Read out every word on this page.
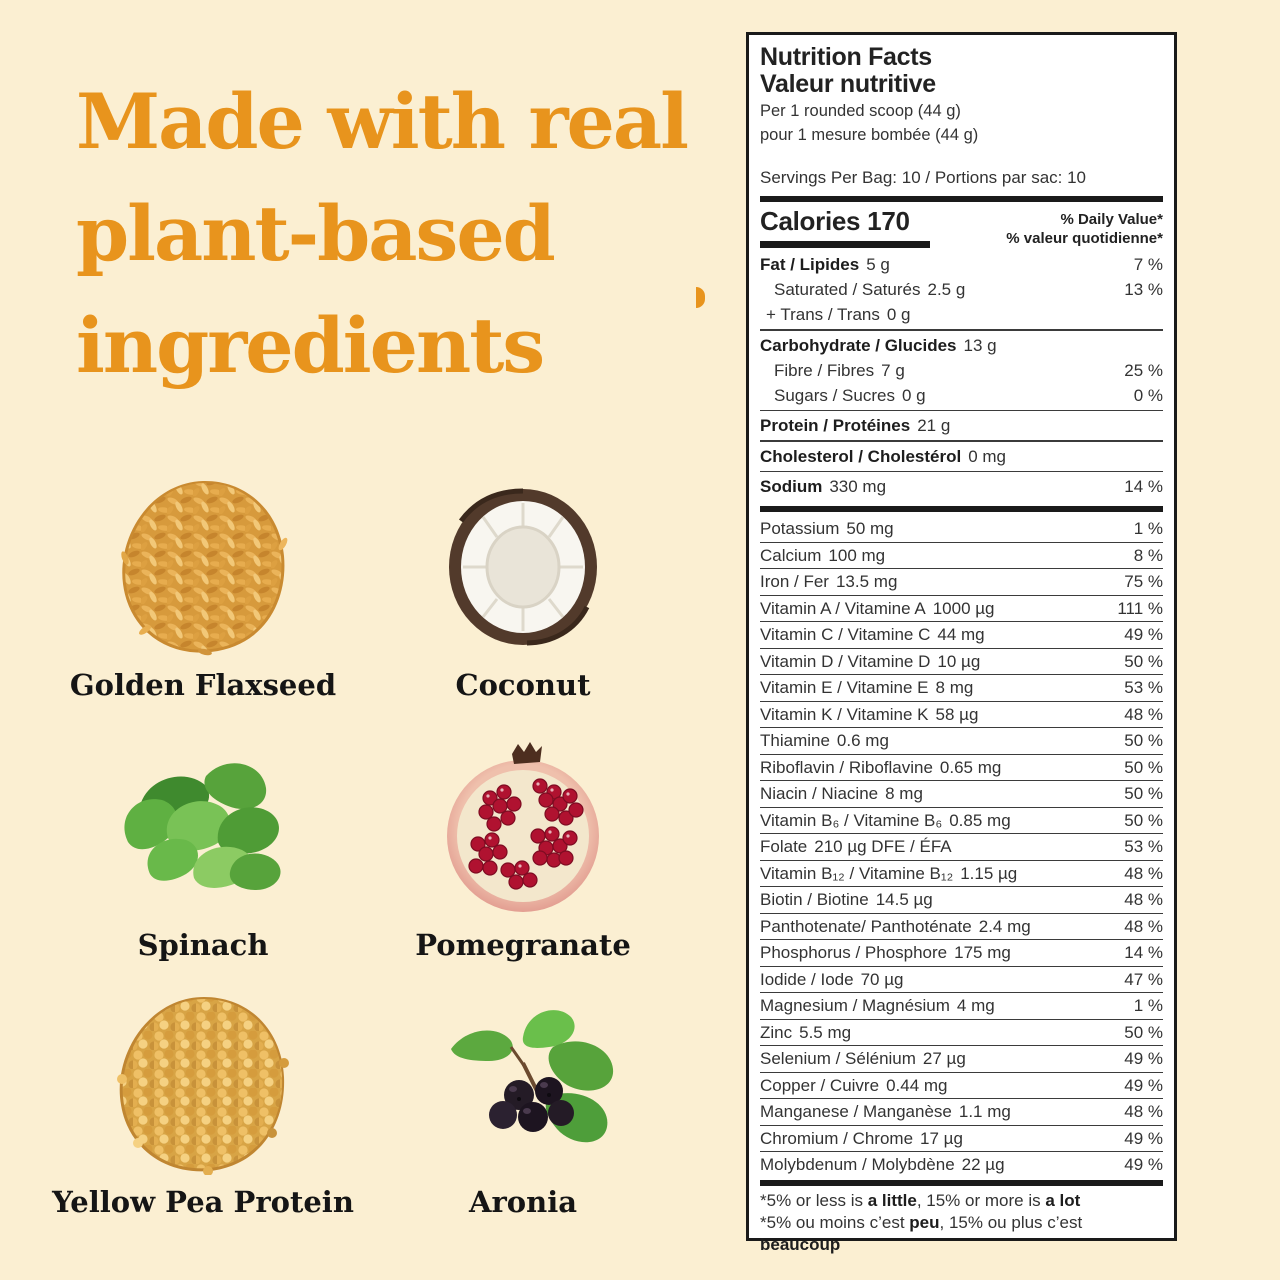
Made with real
plant-based
ingredients
Golden Flaxseed	Coconut
Spinach	Pomegranate
Yellow Pea Protein	Aronia
Nutrition Facts
Valeur nutritive
Per 1 rounded scoop (44 g)
pour 1 mesure bombée (44 g)
Servings Per Bag: 10 / Portions par sac: 10
Calories 170	% Daily Value*
% valeur quotidienne*
Fat / Lipides 5 g	7 %
Saturated / Saturés 2.5 g	13 %
+ Trans / Trans 0 g
Carbohydrate / Glucides 13 g
Fibre / Fibres 7 g	25 %
Sugars / Sucres 0 g	0 %
Protein / Protéines 21 g
Cholesterol / Cholestérol 0 mg
Sodium 330 mg	14 %
Potassium 50 mg	1 %
Calcium 100 mg	8 %
Iron / Fer 13.5 mg	75 %
Vitamin A / Vitamine A 1000 µg	111 %
Vitamin C / Vitamine C 44 mg	49 %
Vitamin D / Vitamine D 10 µg	50 %
Vitamin E / Vitamine E 8 mg	53 %
Vitamin K / Vitamine K 58 µg	48 %
Thiamine 0.6 mg	50 %
Riboflavin / Riboflavine 0.65 mg	50 %
Niacin / Niacine 8 mg	50 %
Vitamin B₆ / Vitamine B₆ 0.85 mg	50 %
Folate 210 µg DFE / ÉFA	53 %
Vitamin B₁₂ / Vitamine B₁₂ 1.15 µg	48 %
Biotin / Biotine 14.5 µg	48 %
Panthotenate/ Panthoténate 2.4 mg	48 %
Phosphorus / Phosphore 175 mg	14 %
Iodide / Iode 70 µg	47 %
Magnesium / Magnésium 4 mg	1 %
Zinc 5.5 mg	50 %
Selenium / Sélénium 27 µg	49 %
Copper / Cuivre 0.44 mg	49 %
Manganese / Manganèse 1.1 mg	48 %
Chromium / Chrome 17 µg	49 %
Molybdenum / Molybdène 22 µg	49 %
*5% or less is a little, 15% or more is a lot
*5% ou moins c’est peu, 15% ou plus c’est beaucoup
